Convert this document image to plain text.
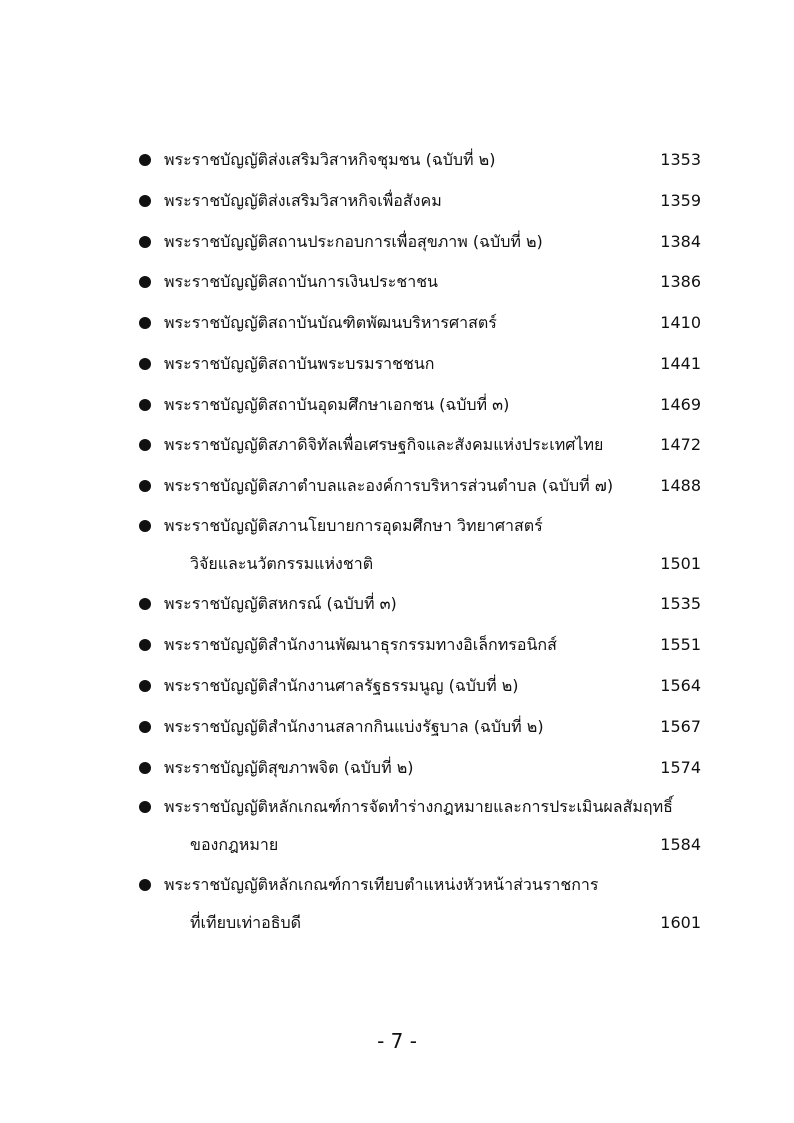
พระราชบัญญัติส่งเสริมวิสาหกิจชุมชน (ฉบับที่ ๒)	1353
พระราชบัญญัติส่งเสริมวิสาหกิจเพื่อสังคม	1359
พระราชบัญญัติสถานประกอบการเพื่อสุขภาพ (ฉบับที่ ๒)	1384
พระราชบัญญัติสถาบันการเงินประชาชน	1386
พระราชบัญญัติสถาบันบัณฑิตพัฒนบริหารศาสตร์	1410
พระราชบัญญัติสถาบันพระบรมราชชนก	1441
พระราชบัญญัติสถาบันอุดมศึกษาเอกชน (ฉบับที่ ๓)	1469
พระราชบัญญัติสภาดิจิทัลเพื่อเศรษฐกิจและสังคมแห่งประเทศไทย	1472
พระราชบัญญัติสภาตำบลและองค์การบริหารส่วนตำบล (ฉบับที่ ๗)	1488
พระราชบัญญัติสภานโยบายการอุดมศึกษา วิทยาศาสตร์
วิจัยและนวัตกรรมแห่งชาติ	1501
พระราชบัญญัติสหกรณ์ (ฉบับที่ ๓)	1535
พระราชบัญญัติสำนักงานพัฒนาธุรกรรมทางอิเล็กทรอนิกส์	1551
พระราชบัญญัติสำนักงานศาลรัฐธรรมนูญ (ฉบับที่ ๒)	1564
พระราชบัญญัติสำนักงานสลากกินแบ่งรัฐบาล (ฉบับที่ ๒)	1567
พระราชบัญญัติสุขภาพจิต (ฉบับที่ ๒)	1574
พระราชบัญญัติหลักเกณฑ์การจัดทำร่างกฎหมายและการประเมินผลสัมฤทธิ์
ของกฎหมาย	1584
พระราชบัญญัติหลักเกณฑ์การเทียบตำแหน่งหัวหน้าส่วนราชการ
ที่เทียบเท่าอธิบดี	1601
- 7 -
